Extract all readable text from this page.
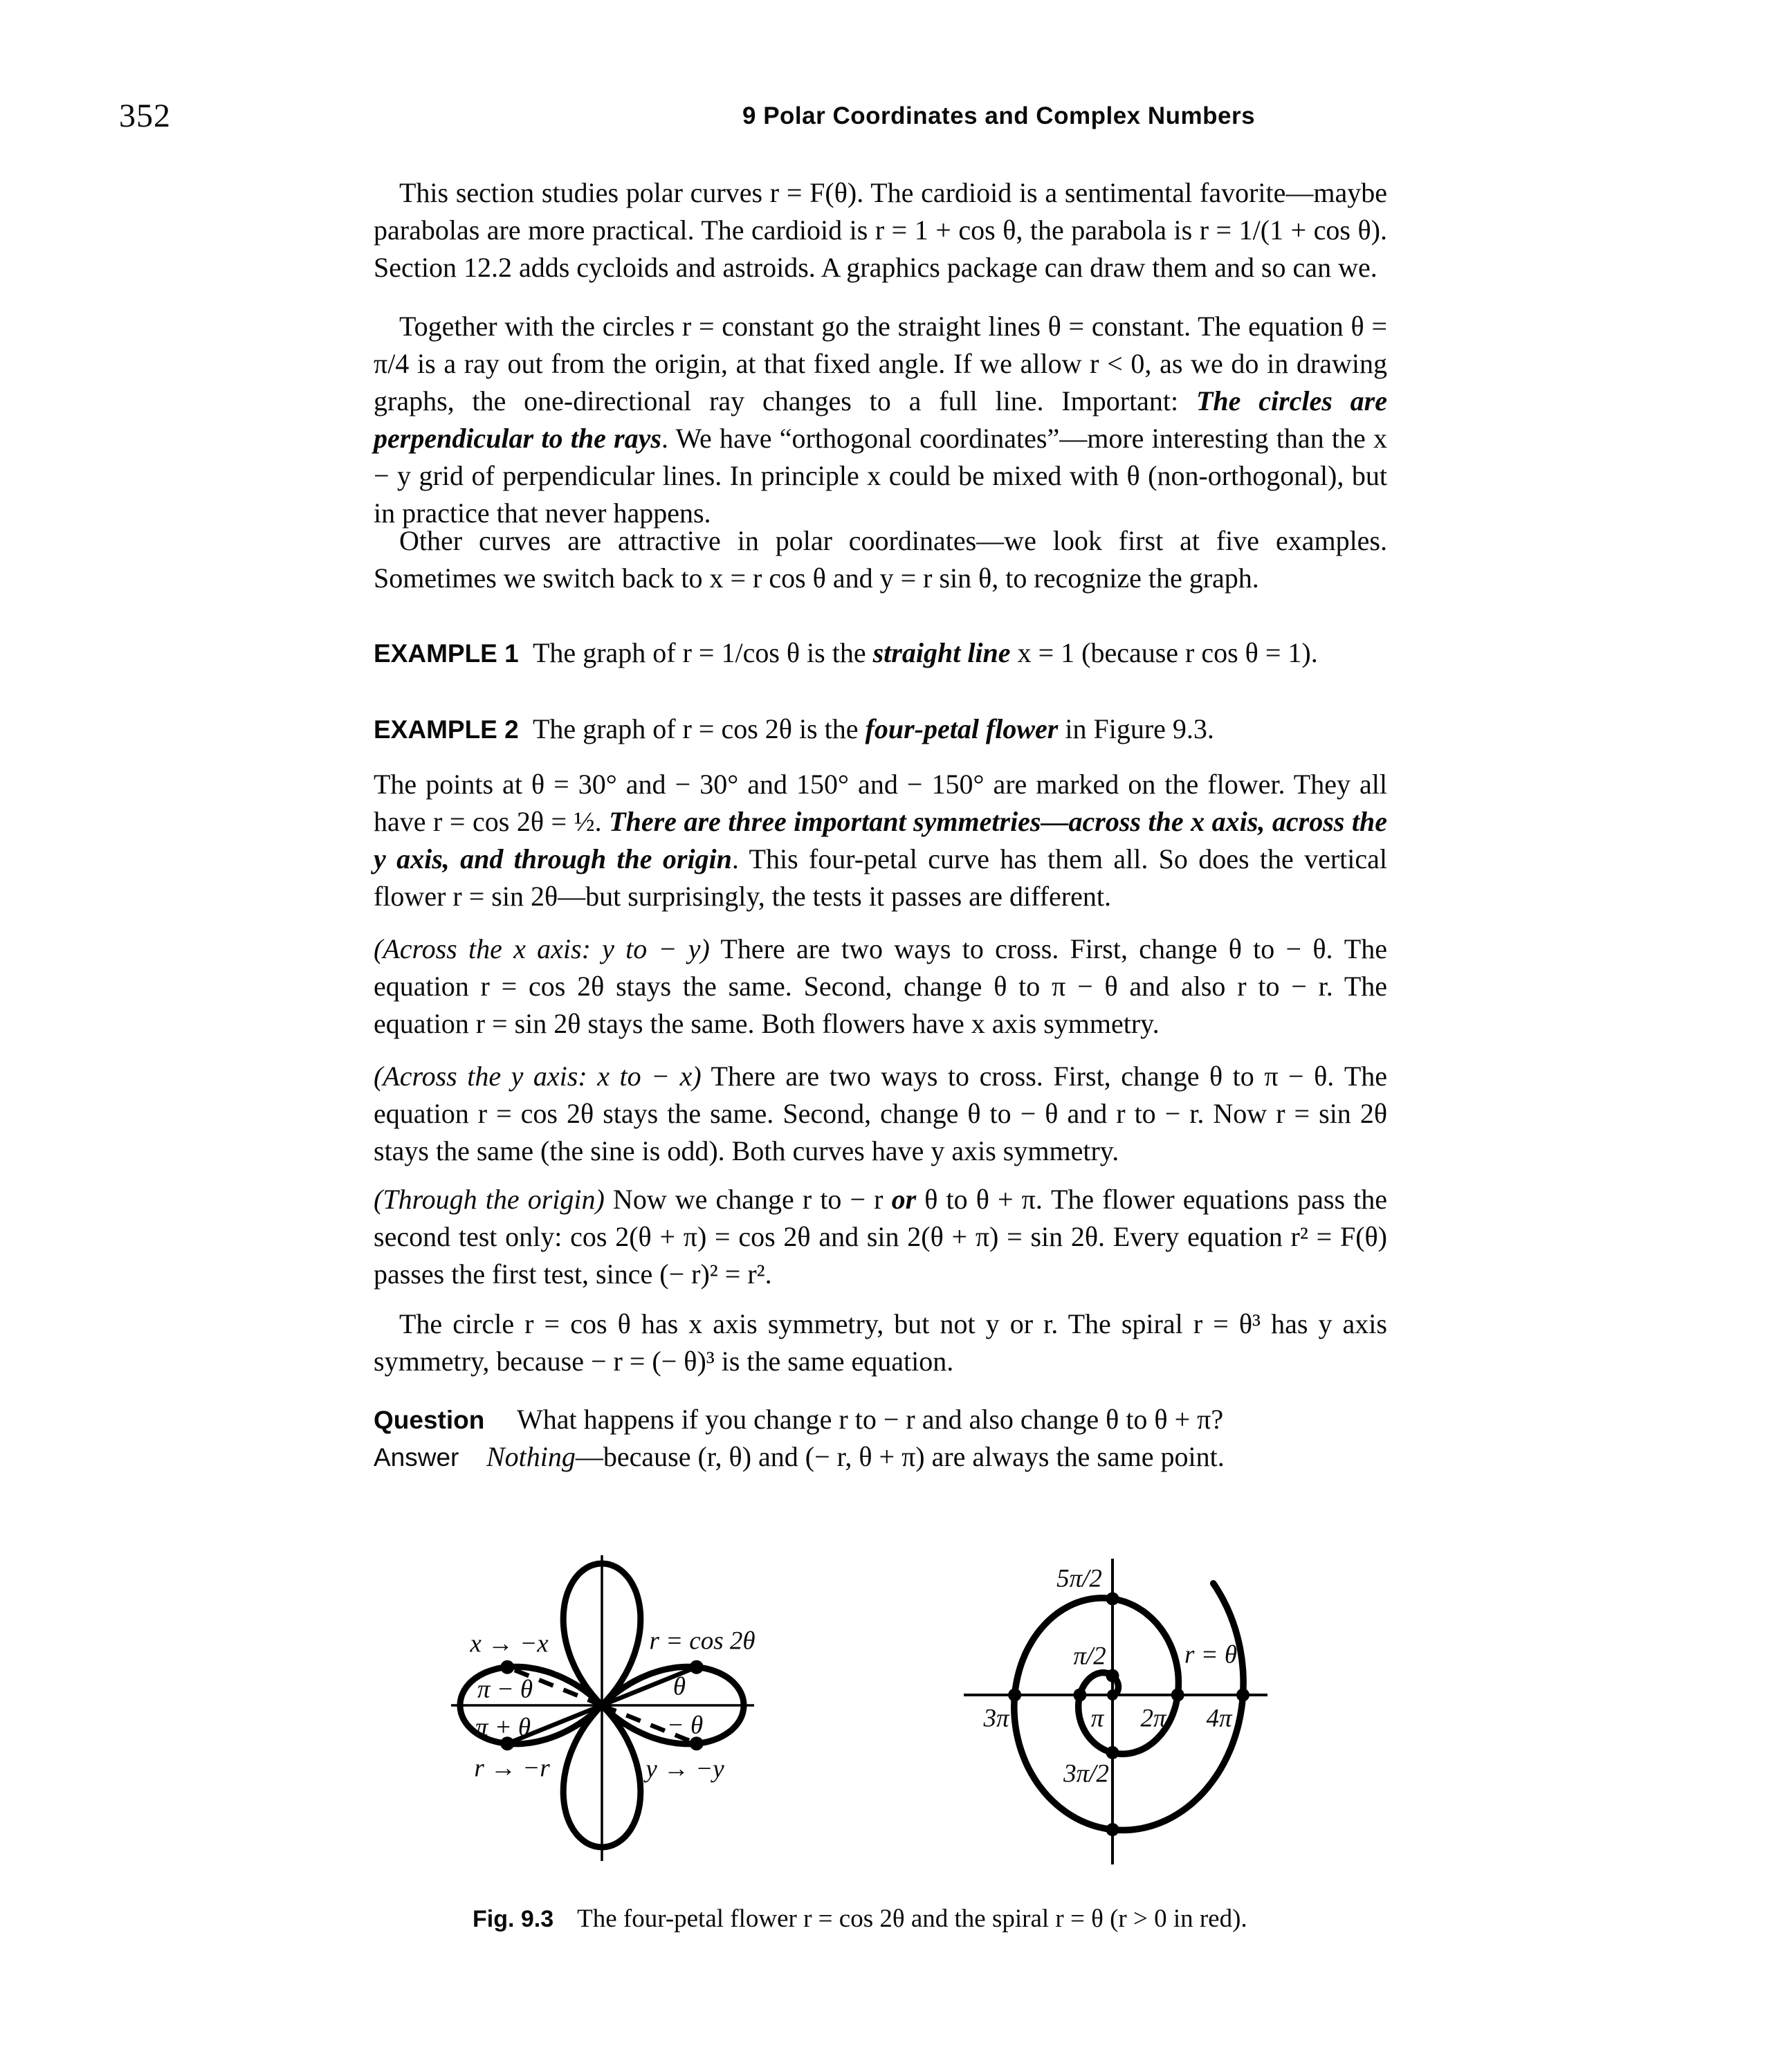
352	9 Polar Coordinates and Complex Numbers
This section studies polar curves r = F(θ). The cardioid is a sentimental favorite—maybe parabolas are more practical. The cardioid is r = 1 + cos θ, the parabola is r = 1/(1 + cos θ). Section 12.2 adds cycloids and astroids. A graphics package can draw them and so can we.
Together with the circles r = constant go the straight lines θ = constant. The equation θ = π/4 is a ray out from the origin, at that fixed angle. If we allow r < 0, as we do in drawing graphs, the one-directional ray changes to a full line. Important: The circles are perpendicular to the rays. We have “orthogonal coordinates”—more interesting than the x − y grid of perpendicular lines. In principle x could be mixed with θ (non-orthogonal), but in practice that never happens.
Other curves are attractive in polar coordinates—we look first at five examples. Sometimes we switch back to x = r cos θ and y = r sin θ, to recognize the graph.
EXAMPLE 1 The graph of r = 1/cos θ is the straight line x = 1 (because r cos θ = 1).
EXAMPLE 2 The graph of r = cos 2θ is the four-petal flower in Figure 9.3.
The points at θ = 30° and − 30° and 150° and − 150° are marked on the flower. They all have r = cos 2θ = ½. There are three important symmetries—across the x axis, across the y axis, and through the origin. This four-petal curve has them all. So does the vertical flower r = sin 2θ—but surprisingly, the tests it passes are different.
(Across the x axis: y to − y) There are two ways to cross. First, change θ to − θ. The equation r = cos 2θ stays the same. Second, change θ to π − θ and also r to − r. The equation r = sin 2θ stays the same. Both flowers have x axis symmetry.
(Across the y axis: x to − x) There are two ways to cross. First, change θ to π − θ. The equation r = cos 2θ stays the same. Second, change θ to − θ and r to − r. Now r = sin 2θ stays the same (the sine is odd). Both curves have y axis symmetry.
(Through the origin) Now we change r to − r or θ to θ + π. The flower equations pass the second test only: cos 2(θ + π) = cos 2θ and sin 2(θ + π) = sin 2θ. Every equation r² = F(θ) passes the first test, since (− r)² = r².
The circle r = cos θ has x axis symmetry, but not y or r. The spiral r = θ³ has y axis symmetry, because − r = (− θ)³ is the same equation.
Question	What happens if you change r to − r and also change θ to θ + π?
Answer Nothing—because (r, θ) and (− r, θ + π) are always the same point.
Fig. 9.3 The four-petal flower r = cos 2θ and the spiral r = θ (r > 0 in red).
x → −x	r = cos 2θ
π − θ	θ
π + θ	− θ
r → −r	y → −y
5π/2
π/2	r = θ
3π	π 2π 4π
3π/2
